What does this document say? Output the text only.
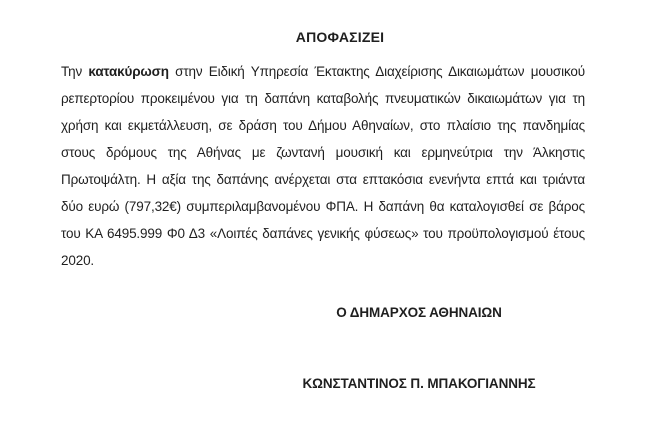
ΑΠΟΦΑΣΙΖΕΙ
Την κατακύρωση στην Ειδική Υπηρεσία Έκτακτης Διαχείρισης Δικαιωμάτων μουσικού
ρεπερτορίου προκειμένου για τη δαπάνη καταβολής πνευματικών δικαιωμάτων για τη
χρήση και εκμετάλλευση, σε δράση του Δήμου Αθηναίων, στο πλαίσιο της πανδημίας
στους δρόμους της Αθήνας με ζωντανή μουσική και ερμηνεύτρια την Άλκηστις
Πρωτοψάλτη. Η αξία της δαπάνης ανέρχεται στα επτακόσια ενενήντα επτά και τριάντα
δύο ευρώ (797,32€) συμπεριλαμβανομένου ΦΠΑ. Η δαπάνη θα καταλογισθεί σε βάρος
του ΚΑ 6495.999 Φ0 Δ3 «Λοιπές δαπάνες γενικής φύσεως» του προϋπολογισμού έτους
2020.
Ο ΔΗΜΑΡΧΟΣ ΑΘΗΝΑΙΩΝ
ΚΩΝΣΤΑΝΤΙΝΟΣ Π. ΜΠΑΚΟΓΙΑΝΝΗΣ
